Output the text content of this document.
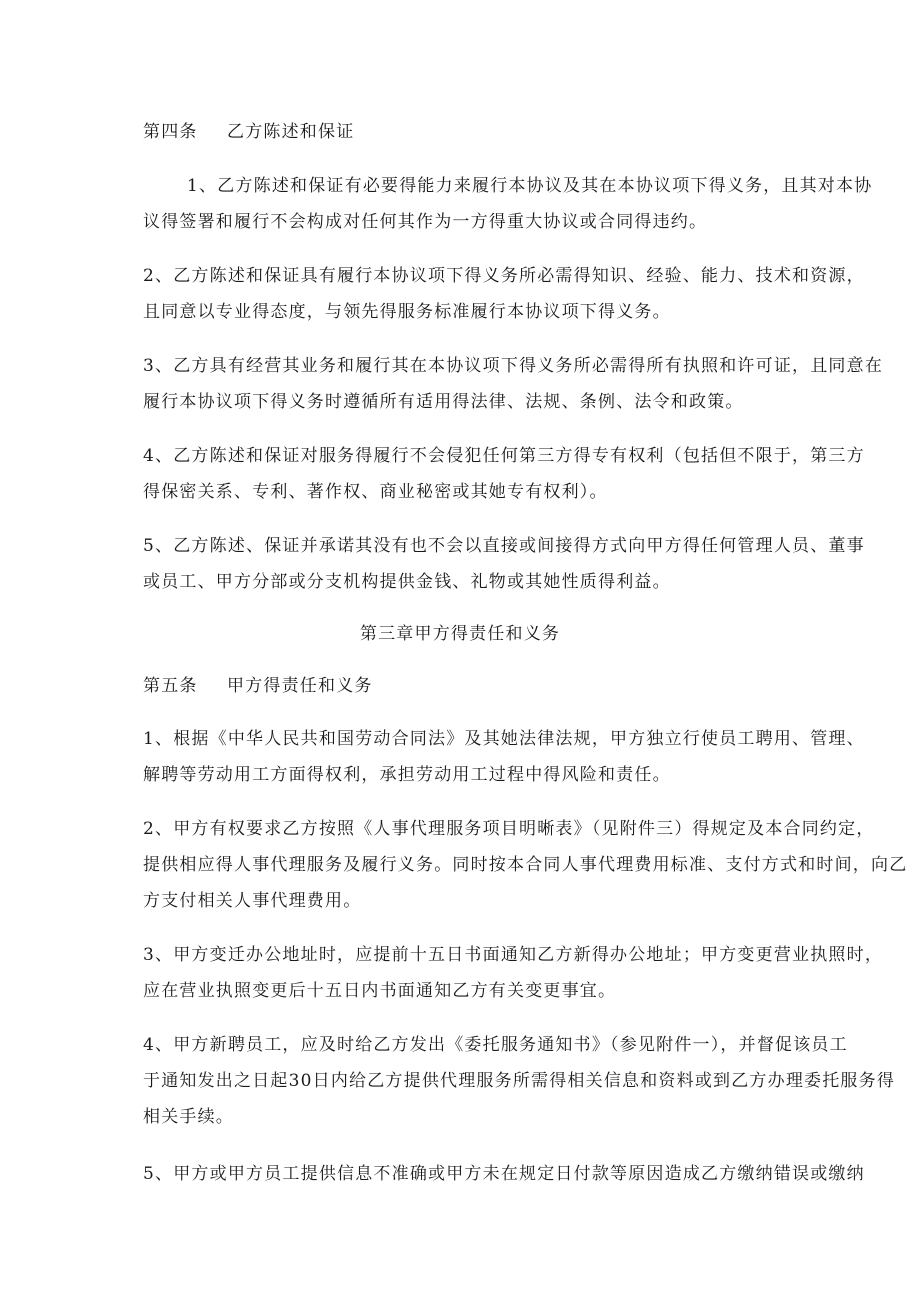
第四条 乙方陈述和保证
1、乙方陈述和保证有必要得能力来履行本协议及其在本协议项下得义务，且其对本协
议得签署和履行不会构成对任何其作为一方得重大协议或合同得违约。
2、乙方陈述和保证具有履行本协议项下得义务所必需得知识、经验、能力、技术和资源，
且同意以专业得态度，与领先得服务标准履行本协议项下得义务。
3、乙方具有经营其业务和履行其在本协议项下得义务所必需得所有执照和许可证，且同意在
履行本协议项下得义务时遵循所有适用得法律、法规、条例、法令和政策。
4、乙方陈述和保证对服务得履行不会侵犯任何第三方得专有权利（包括但不限于，第三方
得保密关系、专利、著作权、商业秘密或其她专有权利）。
5、乙方陈述、保证并承诺其没有也不会以直接或间接得方式向甲方得任何管理人员、董事
或员工、甲方分部或分支机构提供金钱、礼物或其她性质得利益。
第三章甲方得责任和义务
第五条 甲方得责任和义务
1、根据《中华人民共和国劳动合同法》及其她法律法规，甲方独立行使员工聘用、管理、
解聘等劳动用工方面得权利，承担劳动用工过程中得风险和责任。
2、甲方有权要求乙方按照《人事代理服务项目明晰表》（见附件三）得规定及本合同约定，
提供相应得人事代理服务及履行义务。同时按本合同人事代理费用标准、支付方式和时间，向乙
方支付相关人事代理费用。
3、甲方变迁办公地址时，应提前十五日书面通知乙方新得办公地址；甲方变更营业执照时，
应在营业执照变更后十五日内书面通知乙方有关变更事宜。
4、甲方新聘员工，应及时给乙方发出《委托服务通知书》（参见附件一），并督促该员工
于通知发出之日起30日内给乙方提供代理服务所需得相关信息和资料或到乙方办理委托服务得
相关手续。
5、甲方或甲方员工提供信息不准确或甲方未在规定日付款等原因造成乙方缴纳错误或缴纳
